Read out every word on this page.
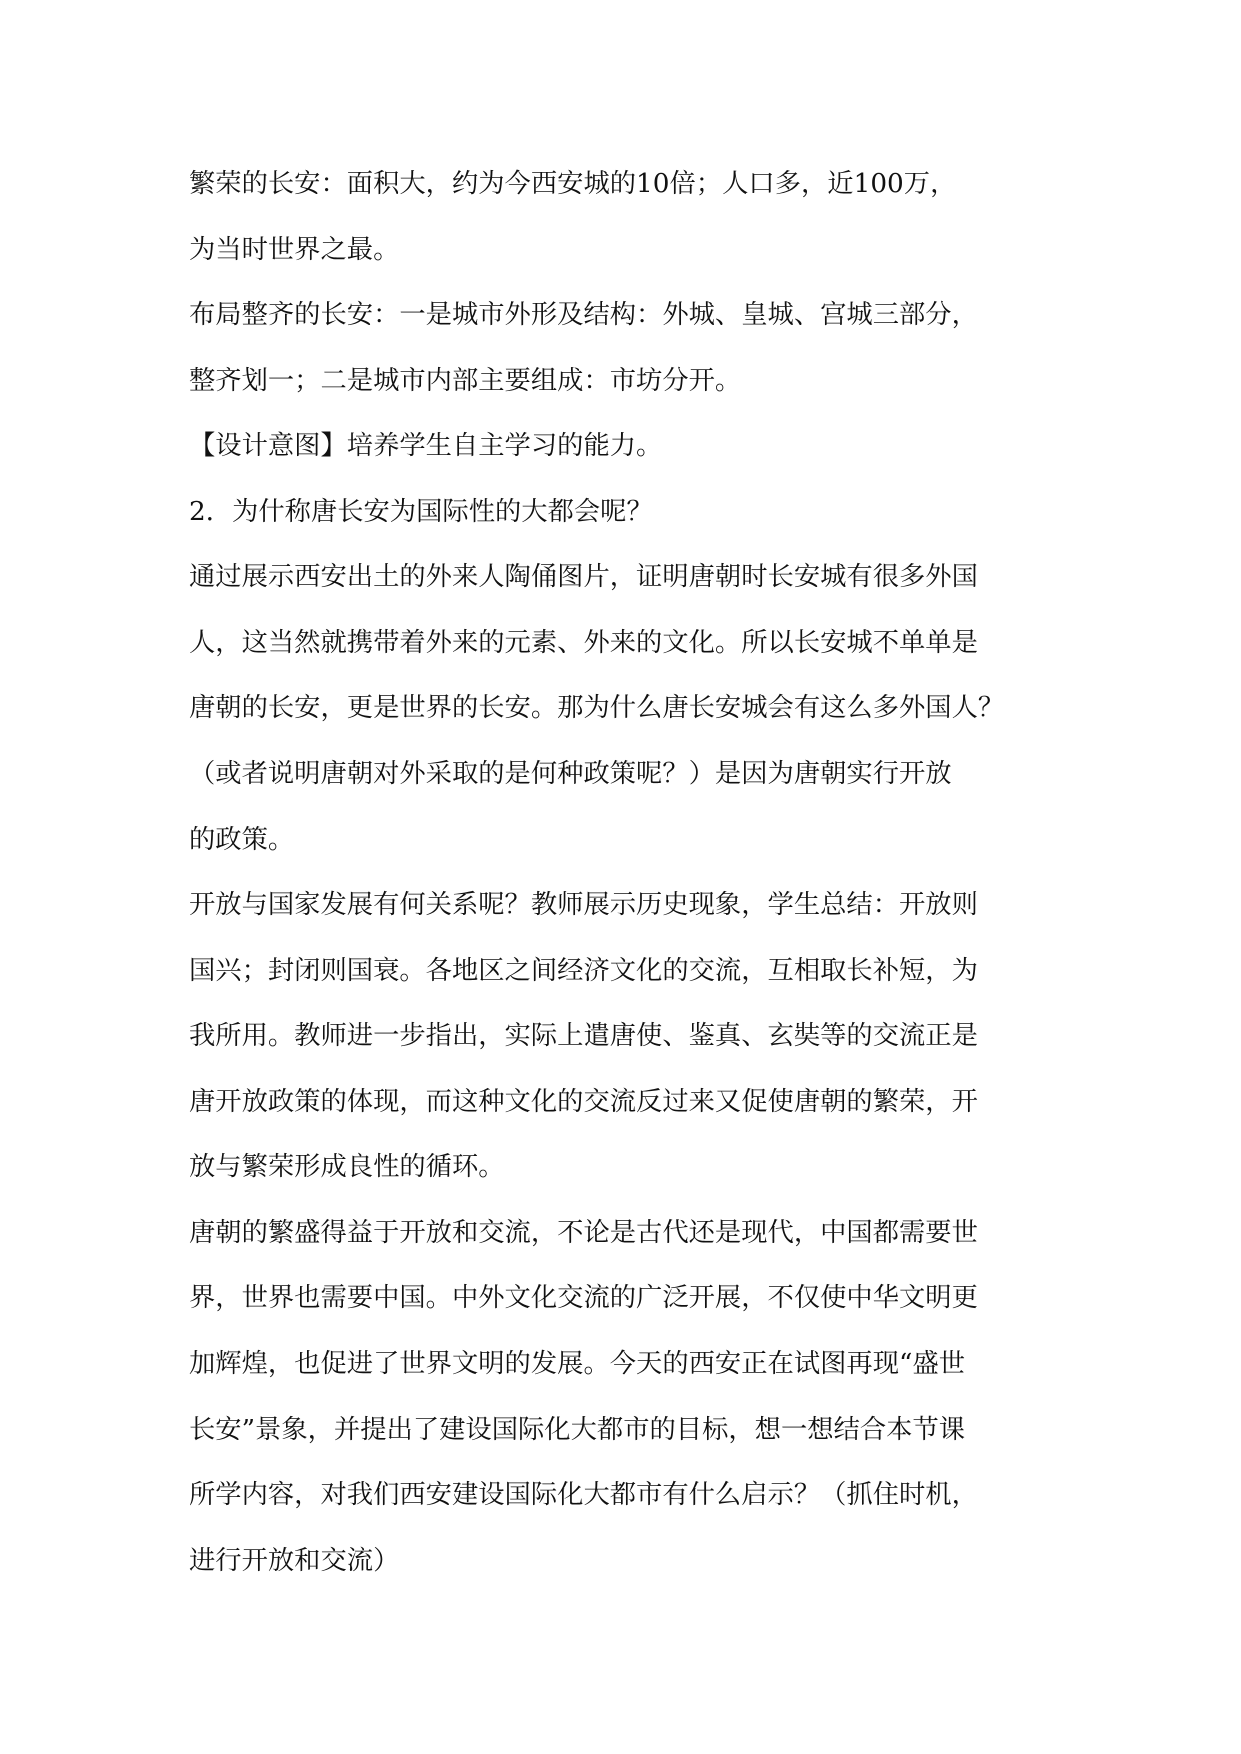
繁荣的长安：面积大，约为今西安城的10倍；人口多，近100万，
为当时世界之最。
布局整齐的长安：一是城市外形及结构：外城、皇城、宫城三部分，
整齐划一；二是城市内部主要组成：市坊分开。
【设计意图】培养学生自主学习的能力。
2．为什称唐长安为国际性的大都会呢？
通过展示西安出土的外来人陶俑图片，证明唐朝时长安城有很多外国
人，这当然就携带着外来的元素、外来的文化。所以长安城不单单是
唐朝的长安，更是世界的长安。那为什么唐长安城会有这么多外国人？
（或者说明唐朝对外采取的是何种政策呢？）是因为唐朝实行开放
的政策。
开放与国家发展有何关系呢？教师展示历史现象，学生总结：开放则
国兴；封闭则国衰。各地区之间经济文化的交流，互相取长补短，为
我所用。教师进一步指出，实际上遣唐使、鉴真、玄奘等的交流正是
唐开放政策的体现，而这种文化的交流反过来又促使唐朝的繁荣，开
放与繁荣形成良性的循环。
唐朝的繁盛得益于开放和交流，不论是古代还是现代，中国都需要世
界，世界也需要中国。中外文化交流的广泛开展，不仅使中华文明更
加辉煌，也促进了世界文明的发展。今天的西安正在试图再现“盛世
长安”景象，并提出了建设国际化大都市的目标，想一想结合本节课
所学内容，对我们西安建设国际化大都市有什么启示？（抓住时机，
进行开放和交流）
